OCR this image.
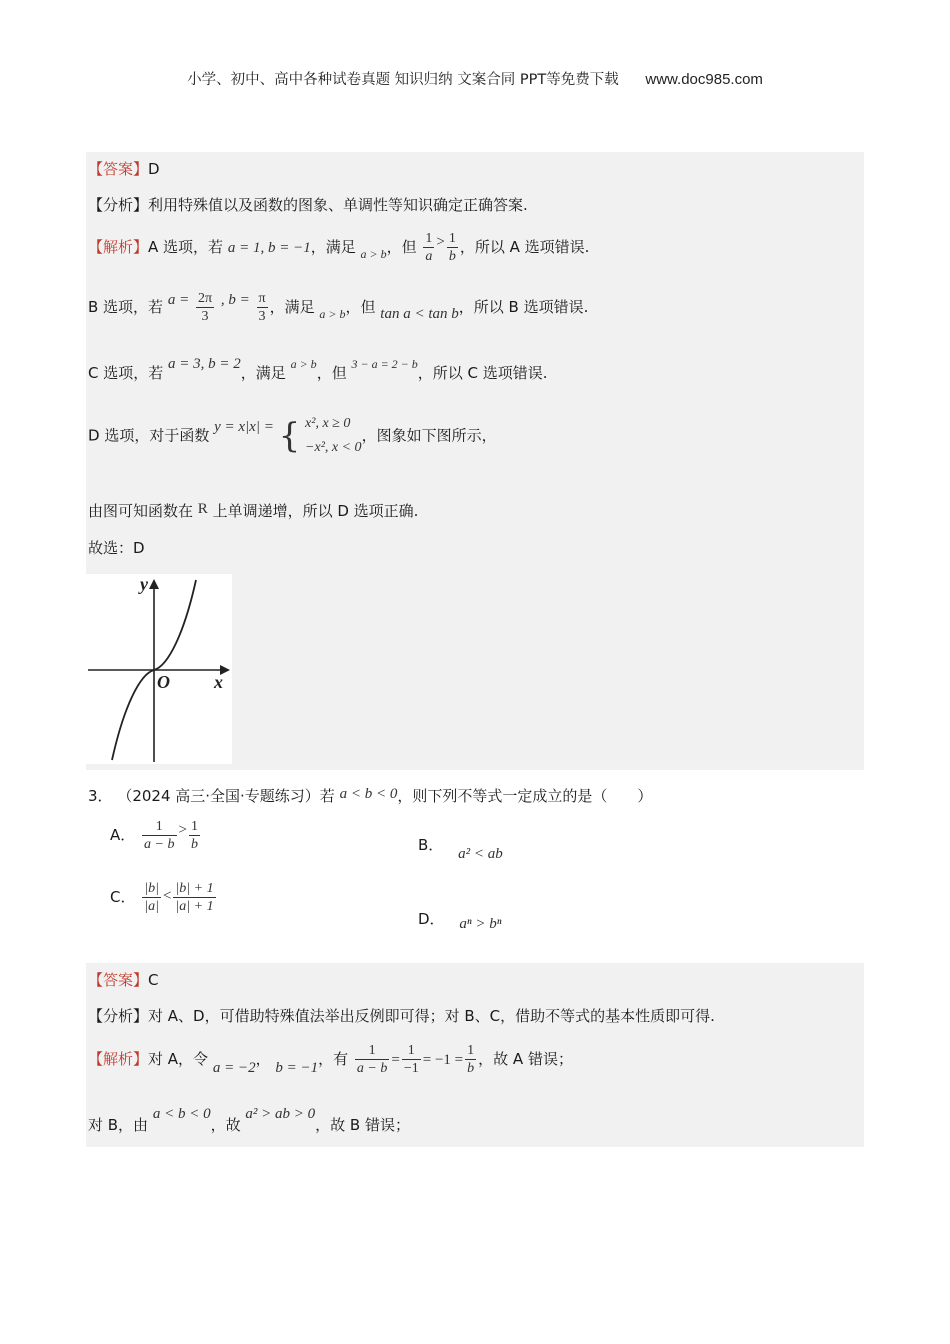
小学、初中、高中各种试卷真题 知识归纳 文案合同 PPT等免费下载 www.doc985.com
【答案】D
【分析】利用特殊值以及函数的图象、单调性等知识确定正确答案.
【解析】A 选项，若 a = 1, b = −1，满足 $_{a > b}$，但 $\frac{1}{a} > \frac{1}{b}$ ，所以 A 选项错误.
B 选项，若 $a = \frac{2\pi}{3}$ , $b = \frac{\pi}{3}$ ，满足 $_{a > b}$，但 tan a < tan b，所以 B 选项错误.
C 选项，若 a = 3, b = 2，满足 $^{a > b}$，但 $^{3 - a = 2 - b}$，所以 C 选项错误.
D 选项，对于函数 y = x|x| = { x², x ≥ 0
−x², x < 0
，图象如下图所示，
由图可知函数在 R 上单调递增，所以 D 选项正确.
故选：D
y
x
O
3． （2024 高三·全国·专题练习）若 a < b < 0，则下列不等式一定成立的是（　　）
A． $\frac{1}{a - b} > \frac{1}{b}$	B． a² < ab
C． $\frac{|b|}{|a|} < \frac{|b| + 1}{|a| + 1}$
D． aⁿ > bⁿ
【答案】C
【分析】对 A、D，可借助特殊值法举出反例即可得；对 B、C，借助不等式的基本性质即可得.
【解析】对 A，令 a = −2， b = −1，有 $\frac{1}{a - b} = \frac{1}{-1} = -1 = \frac{1}{b}$ ，故 A 错误；
对 B，由 a < b < 0，故 a² > ab > 0，故 B 错误；
